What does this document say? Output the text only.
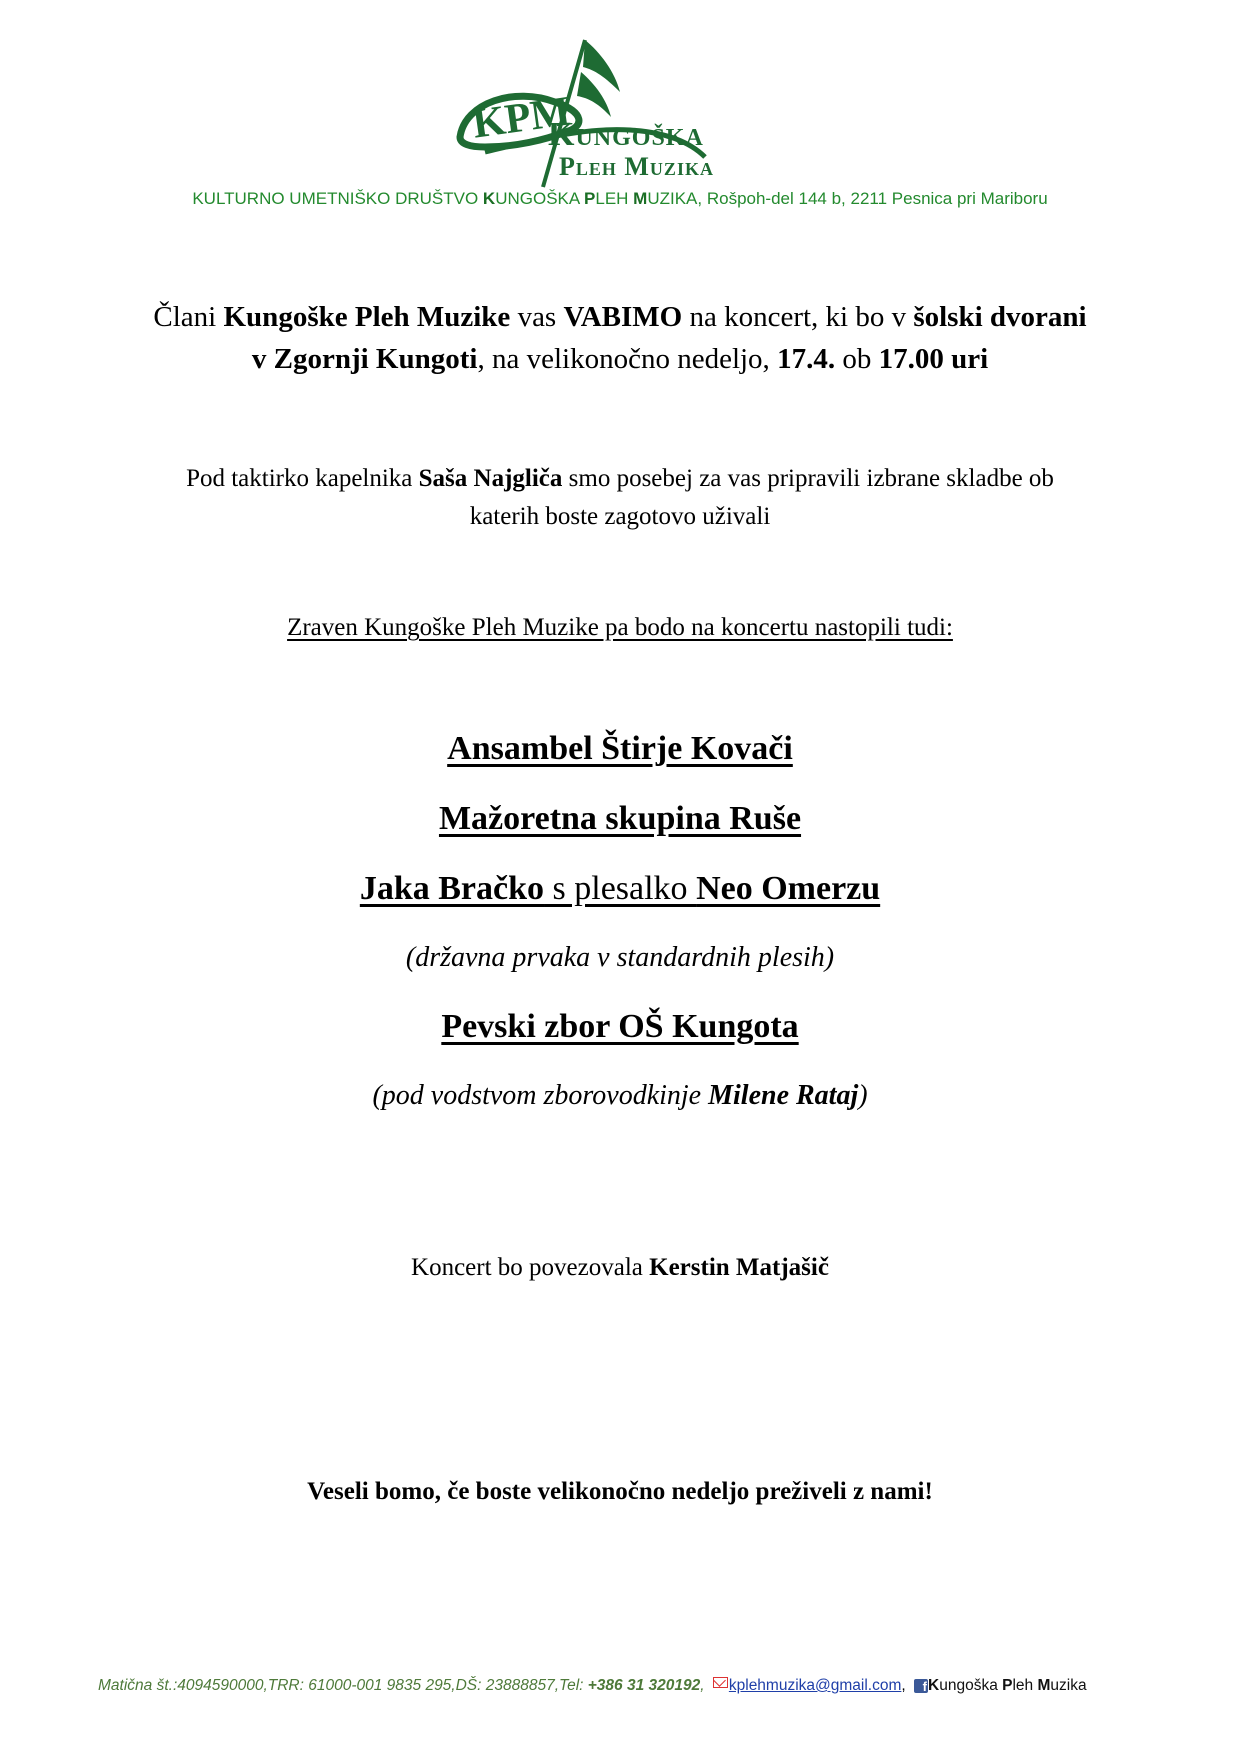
KPM
Kungoška
Pleh Muzika
KULTURNO UMETNIŠKO DRUŠTVO KUNGOŠKA PLEH MUZIKA, Rošpoh-del 144 b, 2211 Pesnica pri Mariboru
Člani Kungoške Pleh Muzike vas VABIMO na koncert, ki bo v šolski dvorani
v Zgornji Kungoti, na velikonočno nedeljo, 17.4. ob 17.00 uri
Pod taktirko kapelnika Saša Najgliča smo posebej za vas pripravili izbrane skladbe ob
katerih boste zagotovo uživali
Zraven Kungoške Pleh Muzike pa bodo na koncertu nastopili tudi:
Ansambel Štirje Kovači
Mažoretna skupina Ruše
Jaka Bračko s plesalko Neo Omerzu
(državna prvaka v standardnih plesih)
Pevski zbor OŠ Kungota
(pod vodstvom zborovodkinje Milene Rataj)
Koncert bo povezovala Kerstin Matjašič
Veseli bomo, če boste velikonočno nedeljo preživeli z nami!
Matična št.:4094590000,TRR: 61000-001 9835 295,DŠ: 23888857,Tel: +386 31 320192, kplehmuzika@gmail.com, fKungoška Pleh Muzika
